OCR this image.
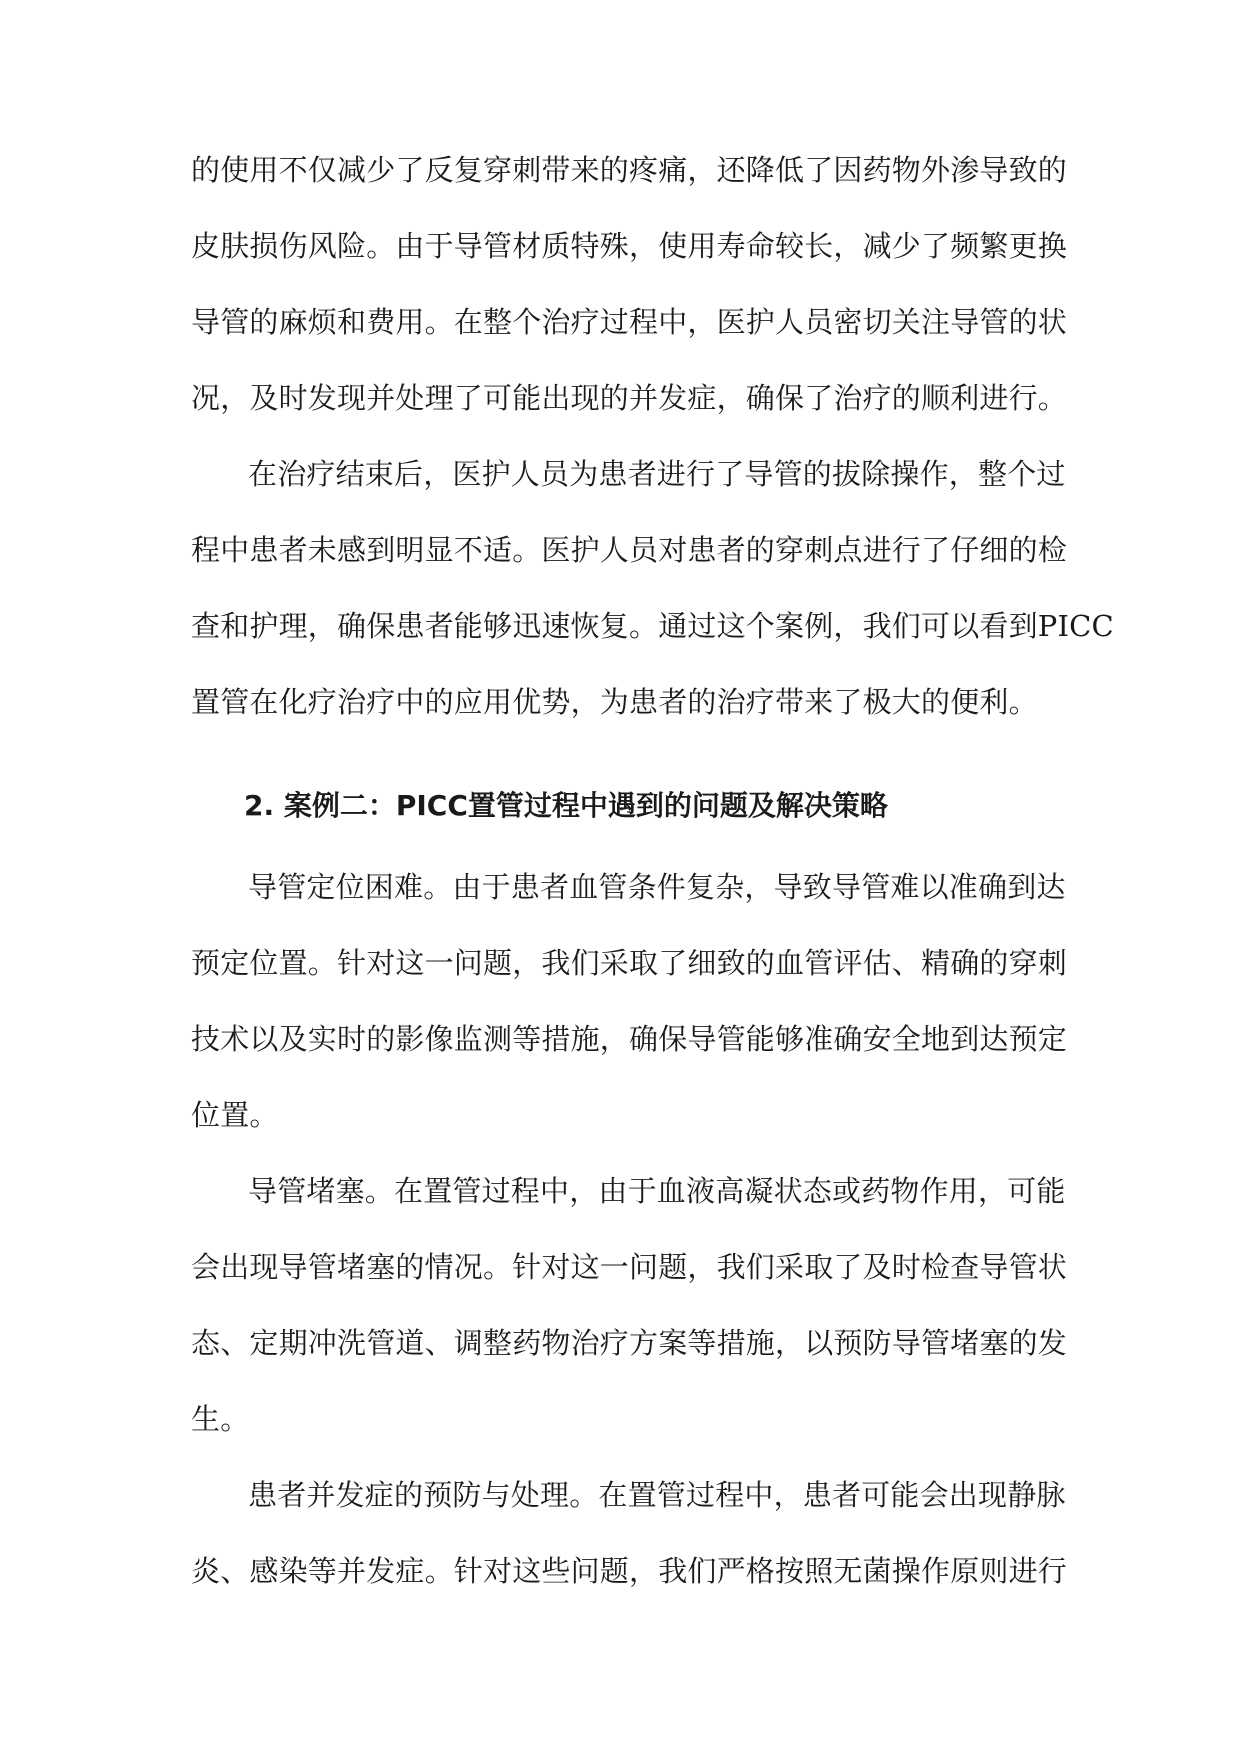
的使用不仅减少了反复穿刺带来的疼痛，还降低了因药物外渗导致的
皮肤损伤风险。由于导管材质特殊，使用寿命较长，减少了频繁更换
导管的麻烦和费用。在整个治疗过程中，医护人员密切关注导管的状
况，及时发现并处理了可能出现的并发症，确保了治疗的顺利进行。
在治疗结束后，医护人员为患者进行了导管的拔除操作，整个过
程中患者未感到明显不适。医护人员对患者的穿刺点进行了仔细的检
查和护理，确保患者能够迅速恢复。通过这个案例，我们可以看到PICC
置管在化疗治疗中的应用优势，为患者的治疗带来了极大的便利。
2. 案例二：PICC置管过程中遇到的问题及解决策略
导管定位困难。由于患者血管条件复杂，导致导管难以准确到达
预定位置。针对这一问题，我们采取了细致的血管评估、精确的穿刺
技术以及实时的影像监测等措施，确保导管能够准确安全地到达预定
位置。
导管堵塞。在置管过程中，由于血液高凝状态或药物作用，可能
会出现导管堵塞的情况。针对这一问题，我们采取了及时检查导管状
态、定期冲洗管道、调整药物治疗方案等措施，以预防导管堵塞的发
生。
患者并发症的预防与处理。在置管过程中，患者可能会出现静脉
炎、感染等并发症。针对这些问题，我们严格按照无菌操作原则进行
